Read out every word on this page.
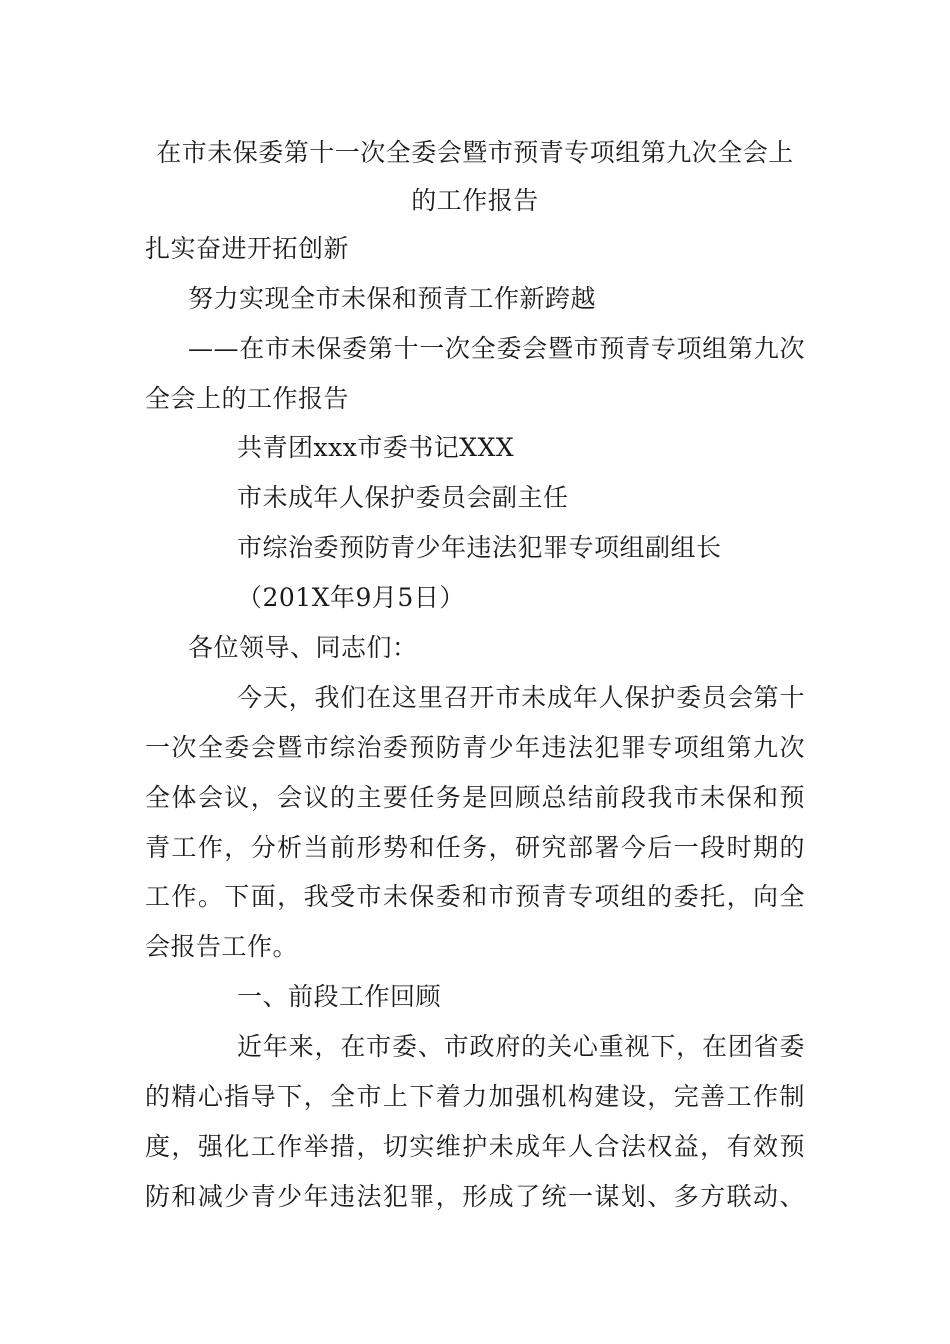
在市未保委第十一次全委会暨市预青专项组第九次全会上
的工作报告
扎实奋进开拓创新
努力实现全市未保和预青工作新跨越
——在市未保委第十一次全委会暨市预青专项组第九次
全会上的工作报告
共青团xxx市委书记XXX
市未成年人保护委员会副主任
市综治委预防青少年违法犯罪专项组副组长
（201X年9月5日）
各位领导、同志们：
今天，我们在这里召开市未成年人保护委员会第十
一次全委会暨市综治委预防青少年违法犯罪专项组第九次
全体会议，会议的主要任务是回顾总结前段我市未保和预
青工作，分析当前形势和任务，研究部署今后一段时期的
工作。下面，我受市未保委和市预青专项组的委托，向全
会报告工作。
一、前段工作回顾
近年来，在市委、市政府的关心重视下，在团省委
的精心指导下，全市上下着力加强机构建设，完善工作制
度，强化工作举措，切实维护未成年人合法权益，有效预
防和减少青少年违法犯罪，形成了统一谋划、多方联动、
